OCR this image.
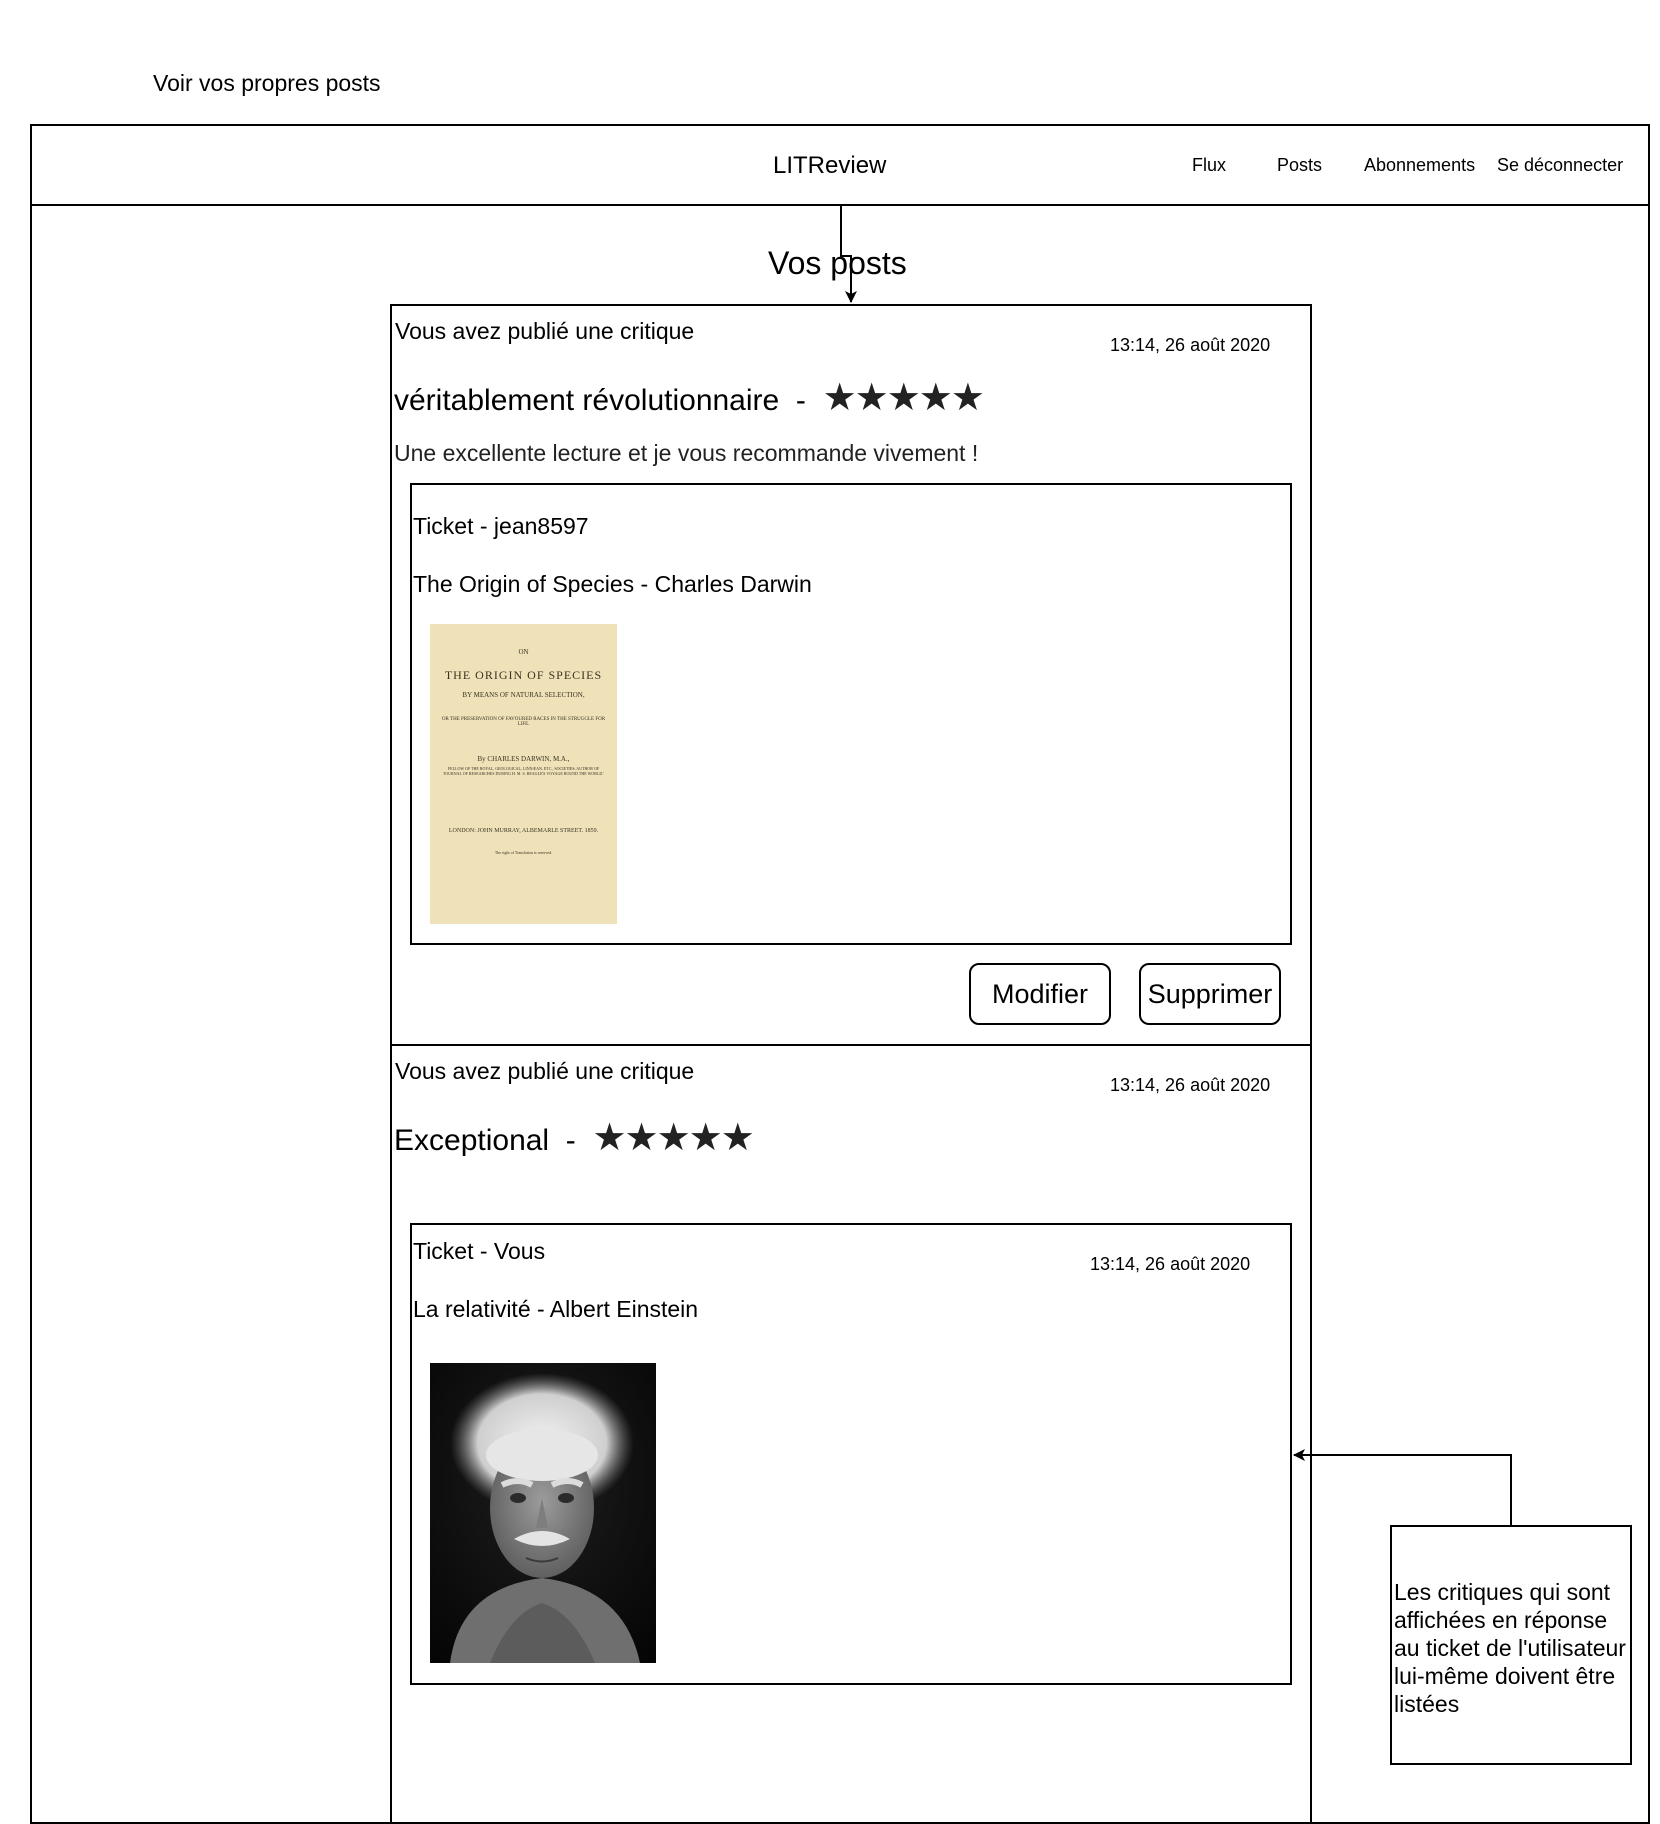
Voir vos propres posts
LITReview	Flux	Posts Abonnements Se déconnecter
Vos posts
Vous avez publié une critique
13:14, 26 août 2020
véritablement révolutionnaire - ★★★★★
Une excellente lecture et je vous recommande vivement !
Ticket - jean8597
The Origin of Species - Charles Darwin
ON
THE ORIGIN OF SPECIES
BY MEANS OF NATURAL SELECTION,
OR THE PRESERVATION OF FAVOURED RACES IN THE STRUGGLE FOR LIFE.
By CHARLES DARWIN, M.A.,
FELLOW OF THE ROYAL, GEOLOGICAL, LINNÆAN, ETC., SOCIETIES; AUTHOR OF 'JOURNAL OF RESEARCHES DURING H. M. S. BEAGLE'S VOYAGE ROUND THE WORLD.'
LONDON: JOHN MURRAY, ALBEMARLE STREET. 1859.
The right of Translation is reserved.
Modifier	Supprimer
Vous avez publié une critique
13:14, 26 août 2020
Exceptional - ★★★★★
Ticket - Vous	13:14, 26 août 2020
La relativité - Albert Einstein
Les critiques qui sont affichées en réponse au ticket de l'utilisateur lui-même doivent être listées
